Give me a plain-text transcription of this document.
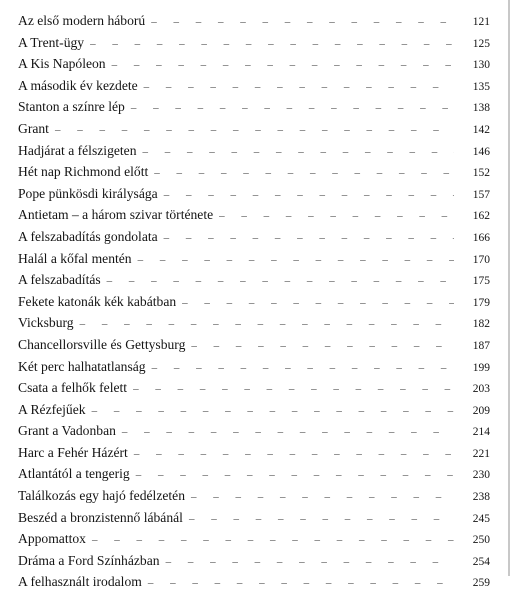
Az első modern háború – – –	121
A Trent-ügy – – –	125
A Kis Napóleon – – –	130
A második év kezdete – – –	135
Stanton a színre lép – – –	138
Grant – – –	142
Hadjárat a félszigeten – – –	146
Hét nap Richmond előtt – – –	152
Pope pünkösdi királysága – – –	157
Antietam – a három szivar története – – –	162
A felszabadítás gondolata – – –	166
Halál a kőfal mentén – – –	170
A felszabadítás – – –	175
Fekete katonák kék kabátban – – –	179
Vicksburg – – –	182
Chancellorsville és Gettysburg – – –	187
Két perc halhatatlanság – – –	199
Csata a felhők felett – – –	203
A Rézfejűek – – –	209
Grant a Vadonban – – –	214
Harc a Fehér Házért – – –	221
Atlantától a tengerig – – –	230
Találkozás egy hajó fedélzetén – – –	238
Beszéd a bronzistennő lábánál – – –	245
Appomattox – – –	250
Dráma a Ford Színházban – – –	254
A felhasznált irodalom – – –	259
